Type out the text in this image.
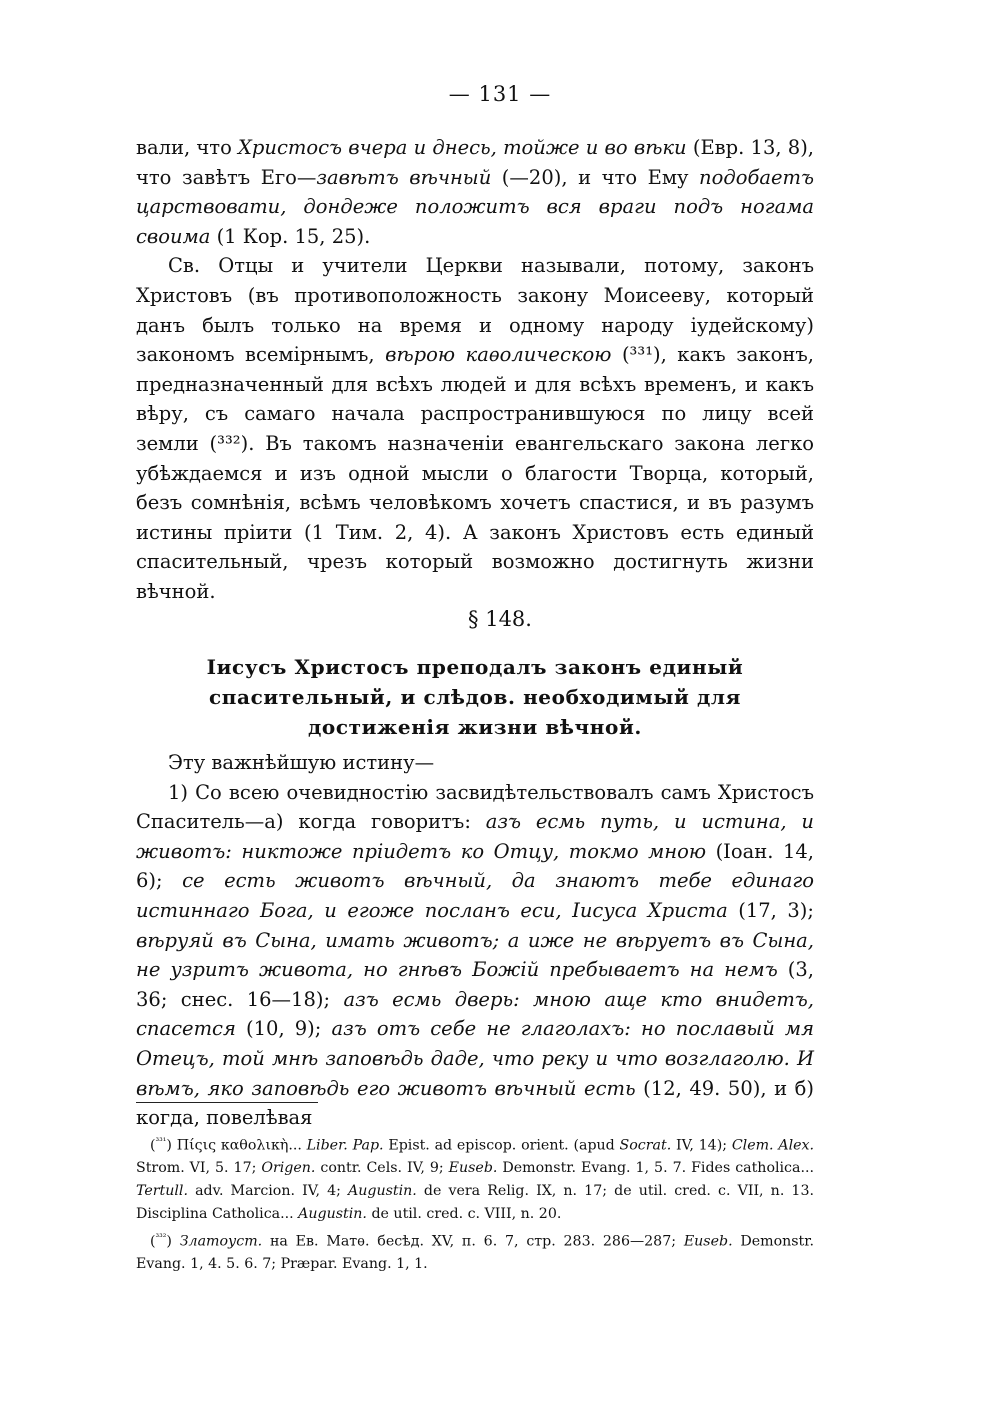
— 131 —

вали, что Христосъ вчера и днесь, тойже и во вѣки (Евр. 13, 8), что завѣтъ Его—завѣтъ вѣчный (—20), и что Ему подобаетъ царствовати, дондеже положитъ вся враги подъ ногама своима (1 Кор. 15, 25).

Св. Отцы и учители Церкви называли, потому, законъ Христовъ (въ противоположность закону Моисееву, который данъ былъ только на время и одному народу іудейскому) закономъ всемірнымъ, вѣрою каѳолическою (³³¹), какъ законъ, предназначенный для всѣхъ людей и для всѣхъ временъ, и какъ вѣру, съ самаго начала распространившуюся по лицу всей земли (³³²). Въ такомъ назначеніи евангельскаго закона легко убѣждаемся и изъ одной мысли о благости Творца, который, безъ сомнѣнія, всѣмъ человѣкомъ хочетъ спастися, и въ разумъ истины пріити (1 Тим. 2, 4). А законъ Христовъ есть единый спасительный, чрезъ который возможно достигнуть жизни вѣчной.

§ 148.

Іисусъ Христосъ преподалъ законъ единый спасительный, и слѣдов. необходимый для достиженія жизни вѣчной.

Эту важнѣйшую истину—

1) Со всею очевидностію засвидѣтельствовалъ самъ Христосъ Спаситель—а) когда говоритъ: азъ есмь путь, и истина, и животъ: никтоже пріидетъ ко Отцу, токмо мною (Іоан. 14, 6); се есть животъ вѣчный, да знаютъ тебе единаго истиннаго Бога, и егоже посланъ еси, Іисуса Христа (17, 3); вѣруяй въ Сына, имать животъ; а иже не вѣруетъ въ Сына, не узритъ живота, но гнѣвъ Божій пребываетъ на немъ (3, 36; снес. 16—18); азъ есмь дверь: мною аще кто внидетъ, спасется (10, 9); азъ отъ себе не глаголахъ: но пославый мя Отецъ, той мнѣ заповѣдь даде, что реку и что возглаголю. И вѣмъ, яко заповѣдь его животъ вѣчный есть (12, 49. 50), и б) когда, повелѣвая

($^{^{331}}$) Πίςις καθολικὴ... Liber. Pap. Epist. ad episcop. orient. (apud Socrat. IV, 14); Clem. Alex. Strom. VI, 5. 17; Origen. contr. Cels. IV, 9; Euseb. Demonstr. Evang. 1, 5. 7. Fides catholica... Tertull. adv. Marcion. IV, 4; Augustin. de vera Relig. IX, n. 17; de util. cred. c. VII, n. 13. Disciplina Catholica... Augustin. de util. cred. c. VIII, n. 20.

($^{^{332}}$) Златоуст. на Ев. Матѳ. бесѣд. XV, п. 6. 7, стр. 283. 286—287; Euseb. Demonstr. Evang. 1, 4. 5. 6. 7; Præpar. Evang. 1, 1.
